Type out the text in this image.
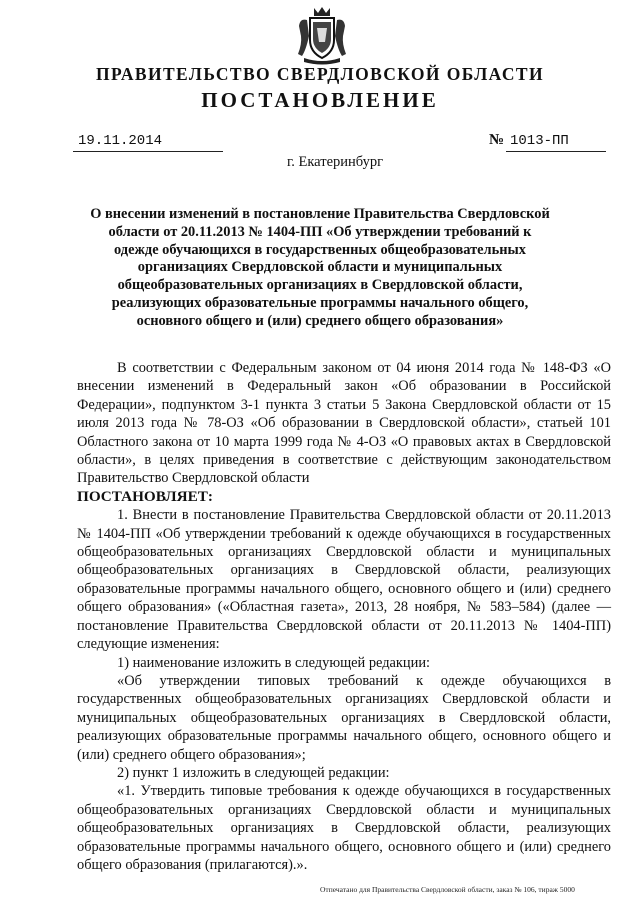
ПРАВИТЕЛЬСТВО СВЕРДЛОВСКОЙ ОБЛАСТИ
ПОСТАНОВЛЕНИЕ
19.11.2014	№ 1013-ПП
г. Екатеринбург
О внесении изменений в постановление Правительства Свердловской области от 20.11.2013 № 1404-ПП «Об утверждении требований к одежде обучающихся в государственных общеобразовательных организациях Свердловской области и муниципальных общеобразовательных организациях в Свердловской области, реализующих образовательные программы начального общего, основного общего и (или) среднего общего образования»

В соответствии с Федеральным законом от 04 июня 2014 года № 148-ФЗ «О внесении изменений в Федеральный закон «Об образовании в Российской Федерации», подпунктом 3-1 пункта 3 статьи 5 Закона Свердловской области от 15 июля 2013 года № 78-ОЗ «Об образовании в Свердловской области», статьей 101 Областного закона от 10 марта 1999 года № 4-ОЗ «О правовых актах в Свердловской области», в целях приведения в соответствие с действующим законодательством Правительство Свердловской области

ПОСТАНОВЛЯЕТ:

1. Внести в постановление Правительства Свердловской области от 20.11.2013 № 1404-ПП «Об утверждении требований к одежде обучающихся в государственных общеобразовательных организациях Свердловской области и муниципальных общеобразовательных организациях в Свердловской области, реализующих образовательные программы начального общего, основного общего и (или) среднего общего образования» («Областная газета», 2013, 28 ноября, № 583–584) (далее — постановление Правительства Свердловской области от 20.11.2013 № 1404-ПП) следующие изменения:

1) наименование изложить в следующей редакции:

«Об утверждении типовых требований к одежде обучающихся в государственных общеобразовательных организациях Свердловской области и муниципальных общеобразовательных организациях в Свердловской области, реализующих образовательные программы начального общего, основного общего и (или) среднего общего образования»;

2) пункт 1 изложить в следующей редакции:

«1. Утвердить типовые требования к одежде обучающихся в государственных общеобразовательных организациях Свердловской области и муниципальных общеобразовательных организациях в Свердловской области, реализующих образовательные программы начального общего, основного общего и (или) среднего общего образования (прилагаются).».

Отпечатано для Правительства Свердловской области, заказ № 106, тираж 5000
